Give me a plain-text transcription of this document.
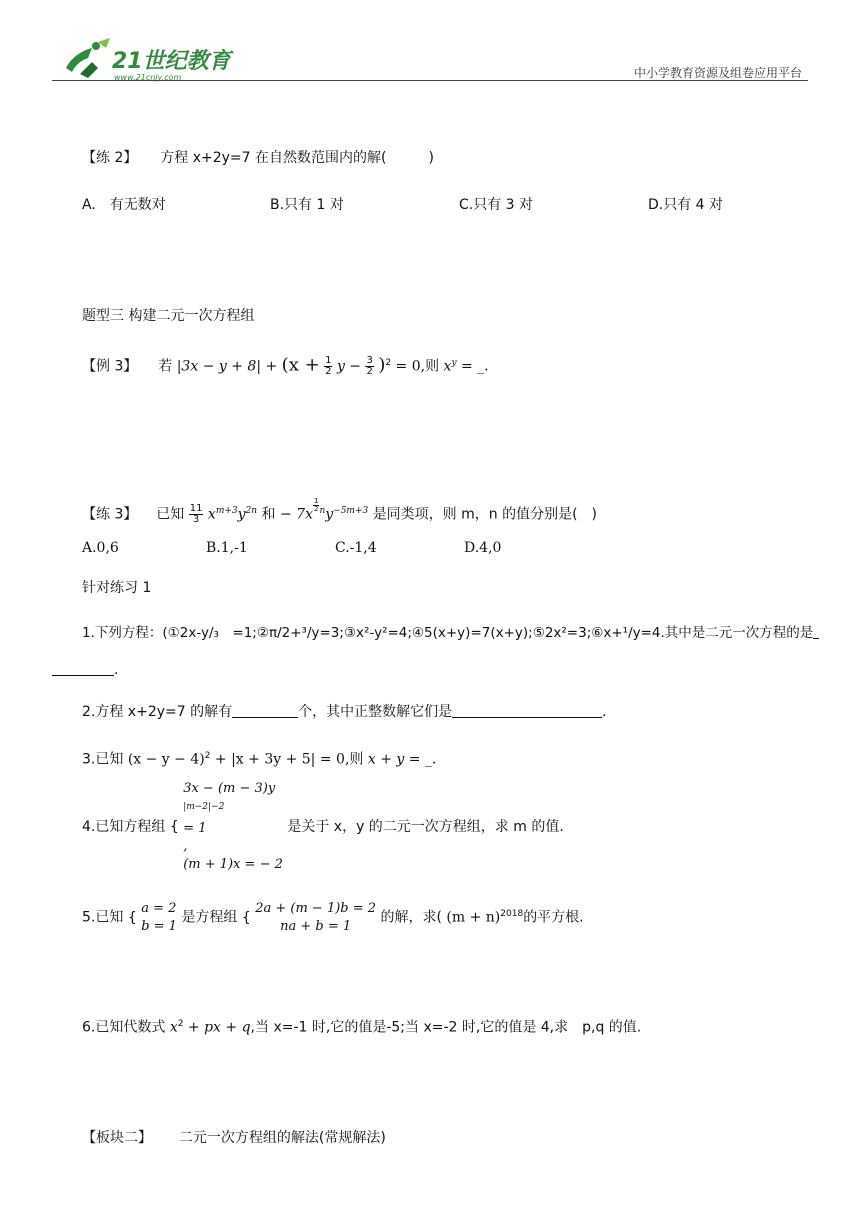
21世纪教育
www.21cnjy.com	中小学教育资源及组卷应用平台
【练 2】 方程 x+2y=7 在自然数范围内的解(　　　)
A.　有无数对	B.只有 1 对	C.只有 3 对	D.只有 4 对
题型三 构建二元一次方程组
【例 3】 若 $|3x - y + 8| + (x + \frac{1}{2}$ $y - \frac{3}{2} )^2 = 0$,则 $x^y$ = _.
【练 3】 已知 $\frac{11}{3} x^{m+3}y^{2n}$ 和 − 7x
$\frac{1}{2} ^ny^{-5m+3}$ 是同类项，则 m，n 的值分别是(　)
A.0,6	B.1,-1	C.-1,4	D.4,0
针对练习 1
1.下列方程：(①2x-y/₃　=1;②π/2+³/y=3;③x²-y²=4;④5(x+y)=7(x+y);⑤2x²=3;⑥x+¹/y=4.其中是二元一次方程的是
.
2.方程 x+2y=7 的解有	个，其中正整数解它们是	.
3.已知 $(x - y - 4)^2 + |x + 3y + 5| = 0$,则 x + y = _.
4.已知方程组 {
3x − (m − 3)y
$^{|m-2|-2}$
= 1
,
(m + 1)x = − 2
是关于 x，y 的二元一次方程组，求 m 的值.
5.已知 {
a = 2
b = 1
是方程组 {
2a + (m − 1)b = 2
na + b = 1
的解，求( $(m + n)^{2018}$的平方根.
6.已知代数式 $x^2$ + px + q,当 x=-1 时,它的值是-5;当 x=-2 时,它的值是 4,求　p,q 的值.
【板块二】 二元一次方程组的解法(常规解法)
